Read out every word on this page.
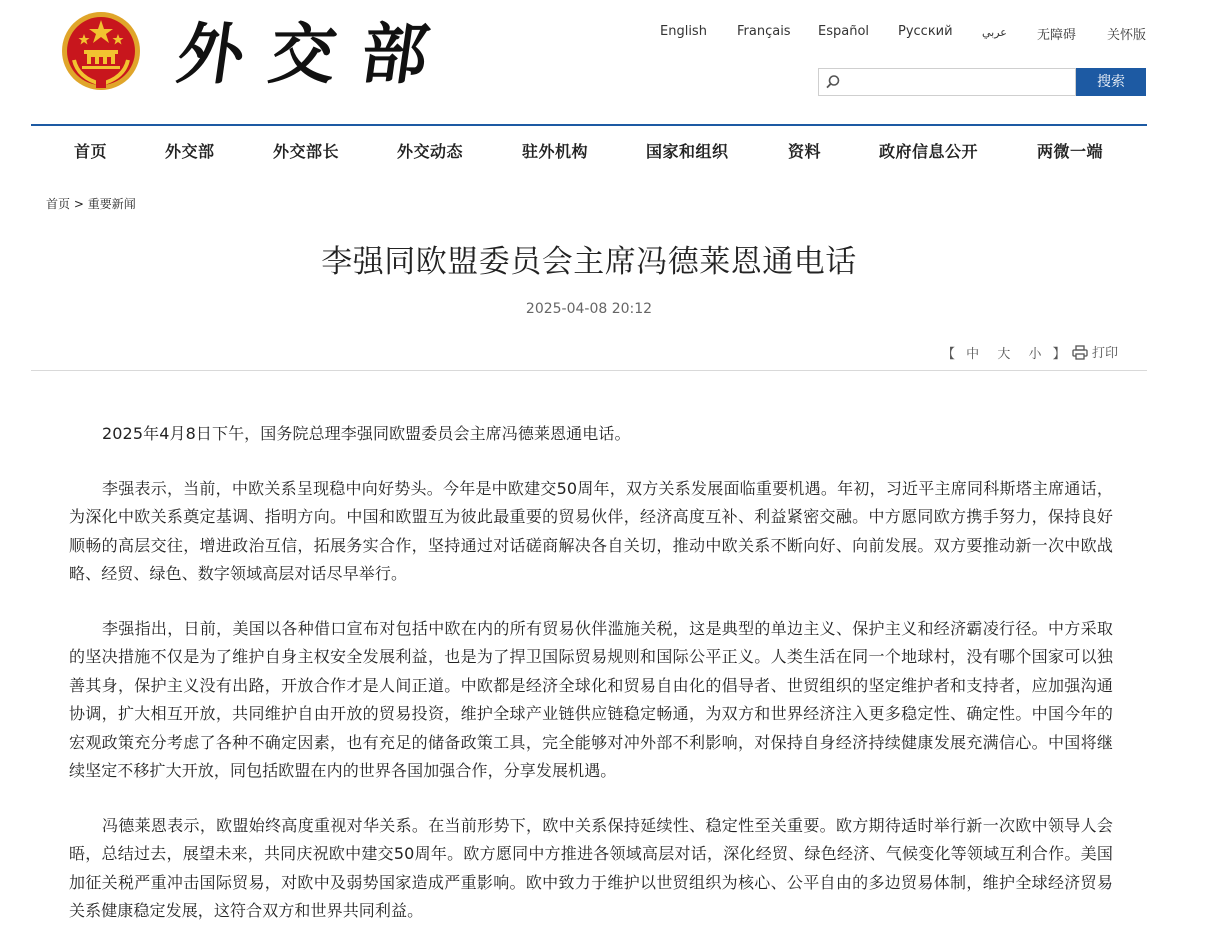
外交部	English Français Español Русский	عربي 无障碍 关怀版
搜索
首页	外交部	外交部长	外交动态	驻外机构	国家和组织	资料	政府信息公开	两微一端
首页 > 重要新闻
李强同欧盟委员会主席冯德莱恩通电话
2025-04-08 20:12
【 中 大 小 】	打印

2025年4月8日下午，国务院总理李强同欧盟委员会主席冯德莱恩通电话。

李强表示，当前，中欧关系呈现稳中向好势头。今年是中欧建交50周年，双方关系发展面临重要机遇。年初，习近平主席同科斯塔主席通话，为深化中欧关系奠定基调、指明方向。中国和欧盟互为彼此最重要的贸易伙伴，经济高度互补、利益紧密交融。中方愿同欧方携手努力，保持良好顺畅的高层交往，增进政治互信，拓展务实合作，坚持通过对话磋商解决各自关切，推动中欧关系不断向好、向前发展。双方要推动新一次中欧战略、经贸、绿色、数字领域高层对话尽早举行。

李强指出，日前，美国以各种借口宣布对包括中欧在内的所有贸易伙伴滥施关税，这是典型的单边主义、保护主义和经济霸凌行径。中方采取的坚决措施不仅是为了维护自身主权安全发展利益，也是为了捍卫国际贸易规则和国际公平正义。人类生活在同一个地球村，没有哪个国家可以独善其身，保护主义没有出路，开放合作才是人间正道。中欧都是经济全球化和贸易自由化的倡导者、世贸组织的坚定维护者和支持者，应加强沟通协调，扩大相互开放，共同维护自由开放的贸易投资，维护全球产业链供应链稳定畅通，为双方和世界经济注入更多稳定性、确定性。中国今年的宏观政策充分考虑了各种不确定因素，也有充足的储备政策工具，完全能够对冲外部不利影响，对保持自身经济持续健康发展充满信心。中国将继续坚定不移扩大开放，同包括欧盟在内的世界各国加强合作，分享发展机遇。

冯德莱恩表示，欧盟始终高度重视对华关系。在当前形势下，欧中关系保持延续性、稳定性至关重要。欧方期待适时举行新一次欧中领导人会晤，总结过去，展望未来，共同庆祝欧中建交50周年。欧方愿同中方推进各领域高层对话，深化经贸、绿色经济、气候变化等领域互利合作。美国加征关税严重冲击国际贸易，对欧中及弱势国家造成严重影响。欧中致力于维护以世贸组织为核心、公平自由的多边贸易体制，维护全球经济贸易关系健康稳定发展，这符合双方和世界共同利益。
